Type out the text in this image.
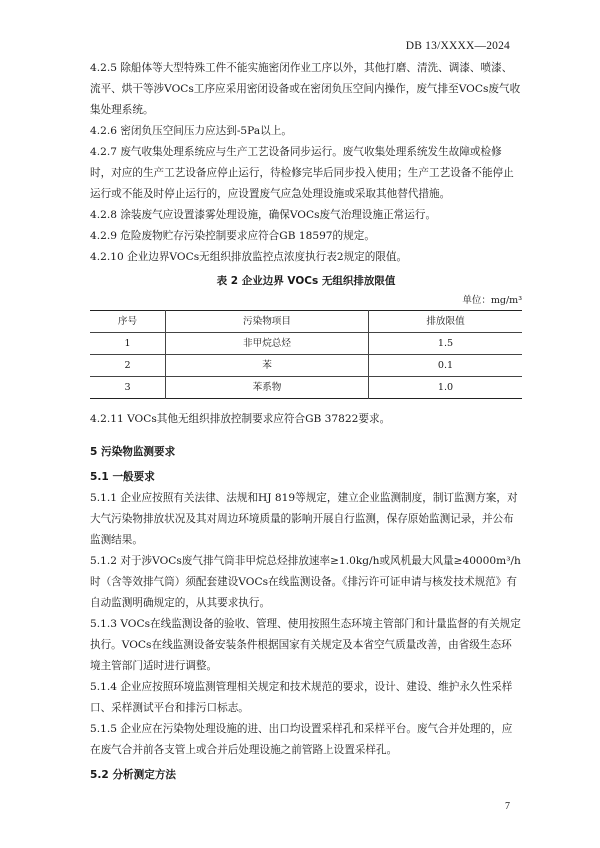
DB 13/XXXX—2024

4.2.5 除船体等大型特殊工件不能实施密闭作业工序以外，其他打磨、清洗、调漆、喷漆、流平、烘干等涉VOCs工序应采用密闭设备或在密闭负压空间内操作，废气排至VOCs废气收集处理系统。

4.2.6 密闭负压空间压力应达到-5Pa以上。

4.2.7 废气收集处理系统应与生产工艺设备同步运行。废气收集处理系统发生故障或检修时，对应的生产工艺设备应停止运行，待检修完毕后同步投入使用；生产工艺设备不能停止运行或不能及时停止运行的，应设置废气应急处理设施或采取其他替代措施。

4.2.8 涂装废气应设置漆雾处理设施，确保VOCs废气治理设施正常运行。

4.2.9 危险废物贮存污染控制要求应符合GB 18597的规定。

4.2.10 企业边界VOCs无组织排放监控点浓度执行表2规定的限值。

表 2 企业边界 VOCs 无组织排放限值
单位：mg/m³
序号	污染物项目	排放限值
1	非甲烷总烃	1.5
2	苯	0.1
3	苯系物	1.0

4.2.11 VOCs其他无组织排放控制要求应符合GB 37822要求。

5 污染物监测要求
5.1 一般要求

5.1.1 企业应按照有关法律、法规和HJ 819等规定，建立企业监测制度，制订监测方案，对大气污染物排放状况及其对周边环境质量的影响开展自行监测，保存原始监测记录，并公布监测结果。

5.1.2 对于涉VOCs废气排气筒非甲烷总烃排放速率≥1.0kg/h或风机最大风量≥40000m³/h时（含等效排气筒）须配套建设VOCs在线监测设备。《排污许可证申请与核发技术规范》有自动监测明确规定的，从其要求执行。

5.1.3 VOCs在线监测设备的验收、管理、使用按照生态环境主管部门和计量监督的有关规定执行。VOCs在线监测设备安装条件根据国家有关规定及本省空气质量改善，由省级生态环境主管部门适时进行调整。

5.1.4 企业应按照环境监测管理相关规定和技术规范的要求，设计、建设、维护永久性采样口、采样测试平台和排污口标志。

5.1.5 企业应在污染物处理设施的进、出口均设置采样孔和采样平台。废气合并处理的，应在废气合并前各支管上或合并后处理设施之前管路上设置采样孔。

5.2 分析测定方法
7
